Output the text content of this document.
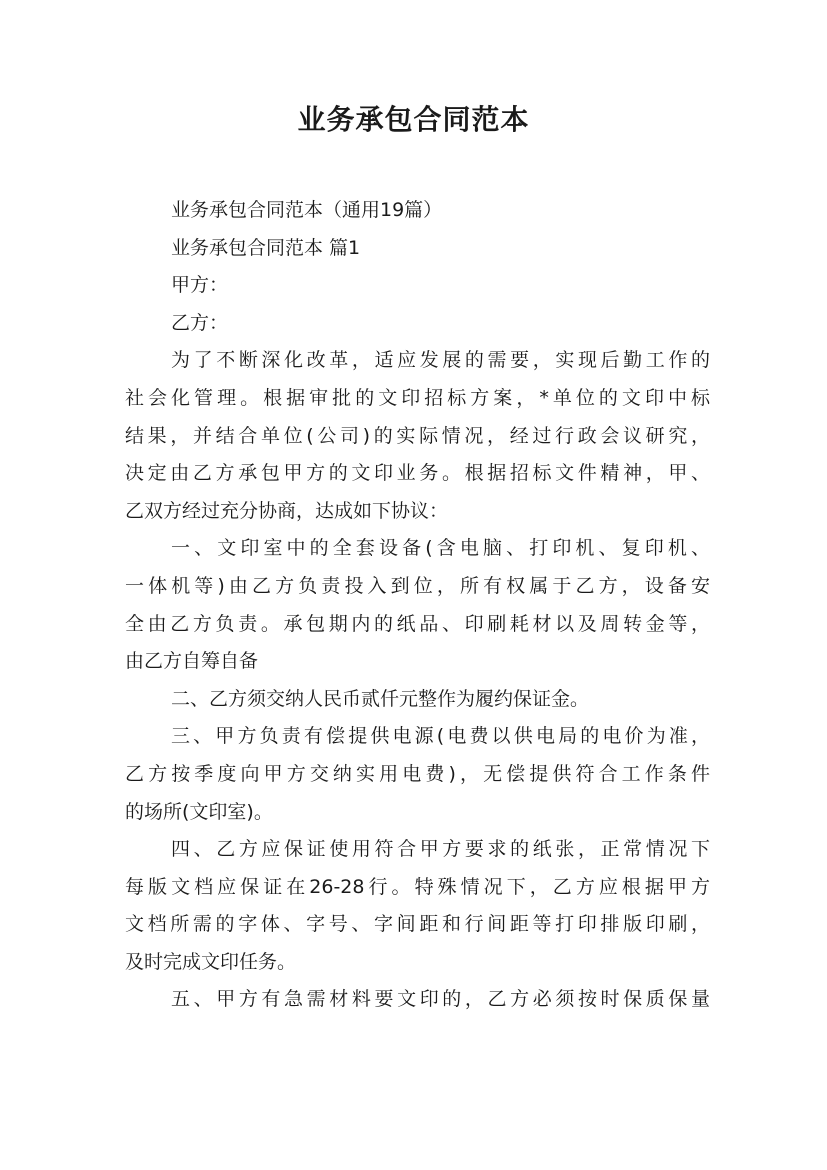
业务承包合同范本
业务承包合同范本（通用19篇）
业务承包合同范本 篇1
甲方：
乙方：
为了不断深化改革，适应发展的需要，实现后勤工作的
社会化管理。根据审批的文印招标方案，*单位的文印中标
结果，并结合单位(公司)的实际情况，经过行政会议研究，
决定由乙方承包甲方的文印业务。根据招标文件精神，甲、
乙双方经过充分协商，达成如下协议：
一、文印室中的全套设备(含电脑、打印机、复印机、
一体机等)由乙方负责投入到位，所有权属于乙方，设备安
全由乙方负责。承包期内的纸品、印刷耗材以及周转金等，
由乙方自筹自备
二、乙方须交纳人民币贰仟元整作为履约保证金。
三、甲方负责有偿提供电源(电费以供电局的电价为准，
乙方按季度向甲方交纳实用电费)，无偿提供符合工作条件
的场所(文印室)。
四、乙方应保证使用符合甲方要求的纸张，正常情况下
每版文档应保证在26-28行。特殊情况下，乙方应根据甲方
文档所需的字体、字号、字间距和行间距等打印排版印刷，
及时完成文印任务。
五、甲方有急需材料要文印的，乙方必须按时保质保量
